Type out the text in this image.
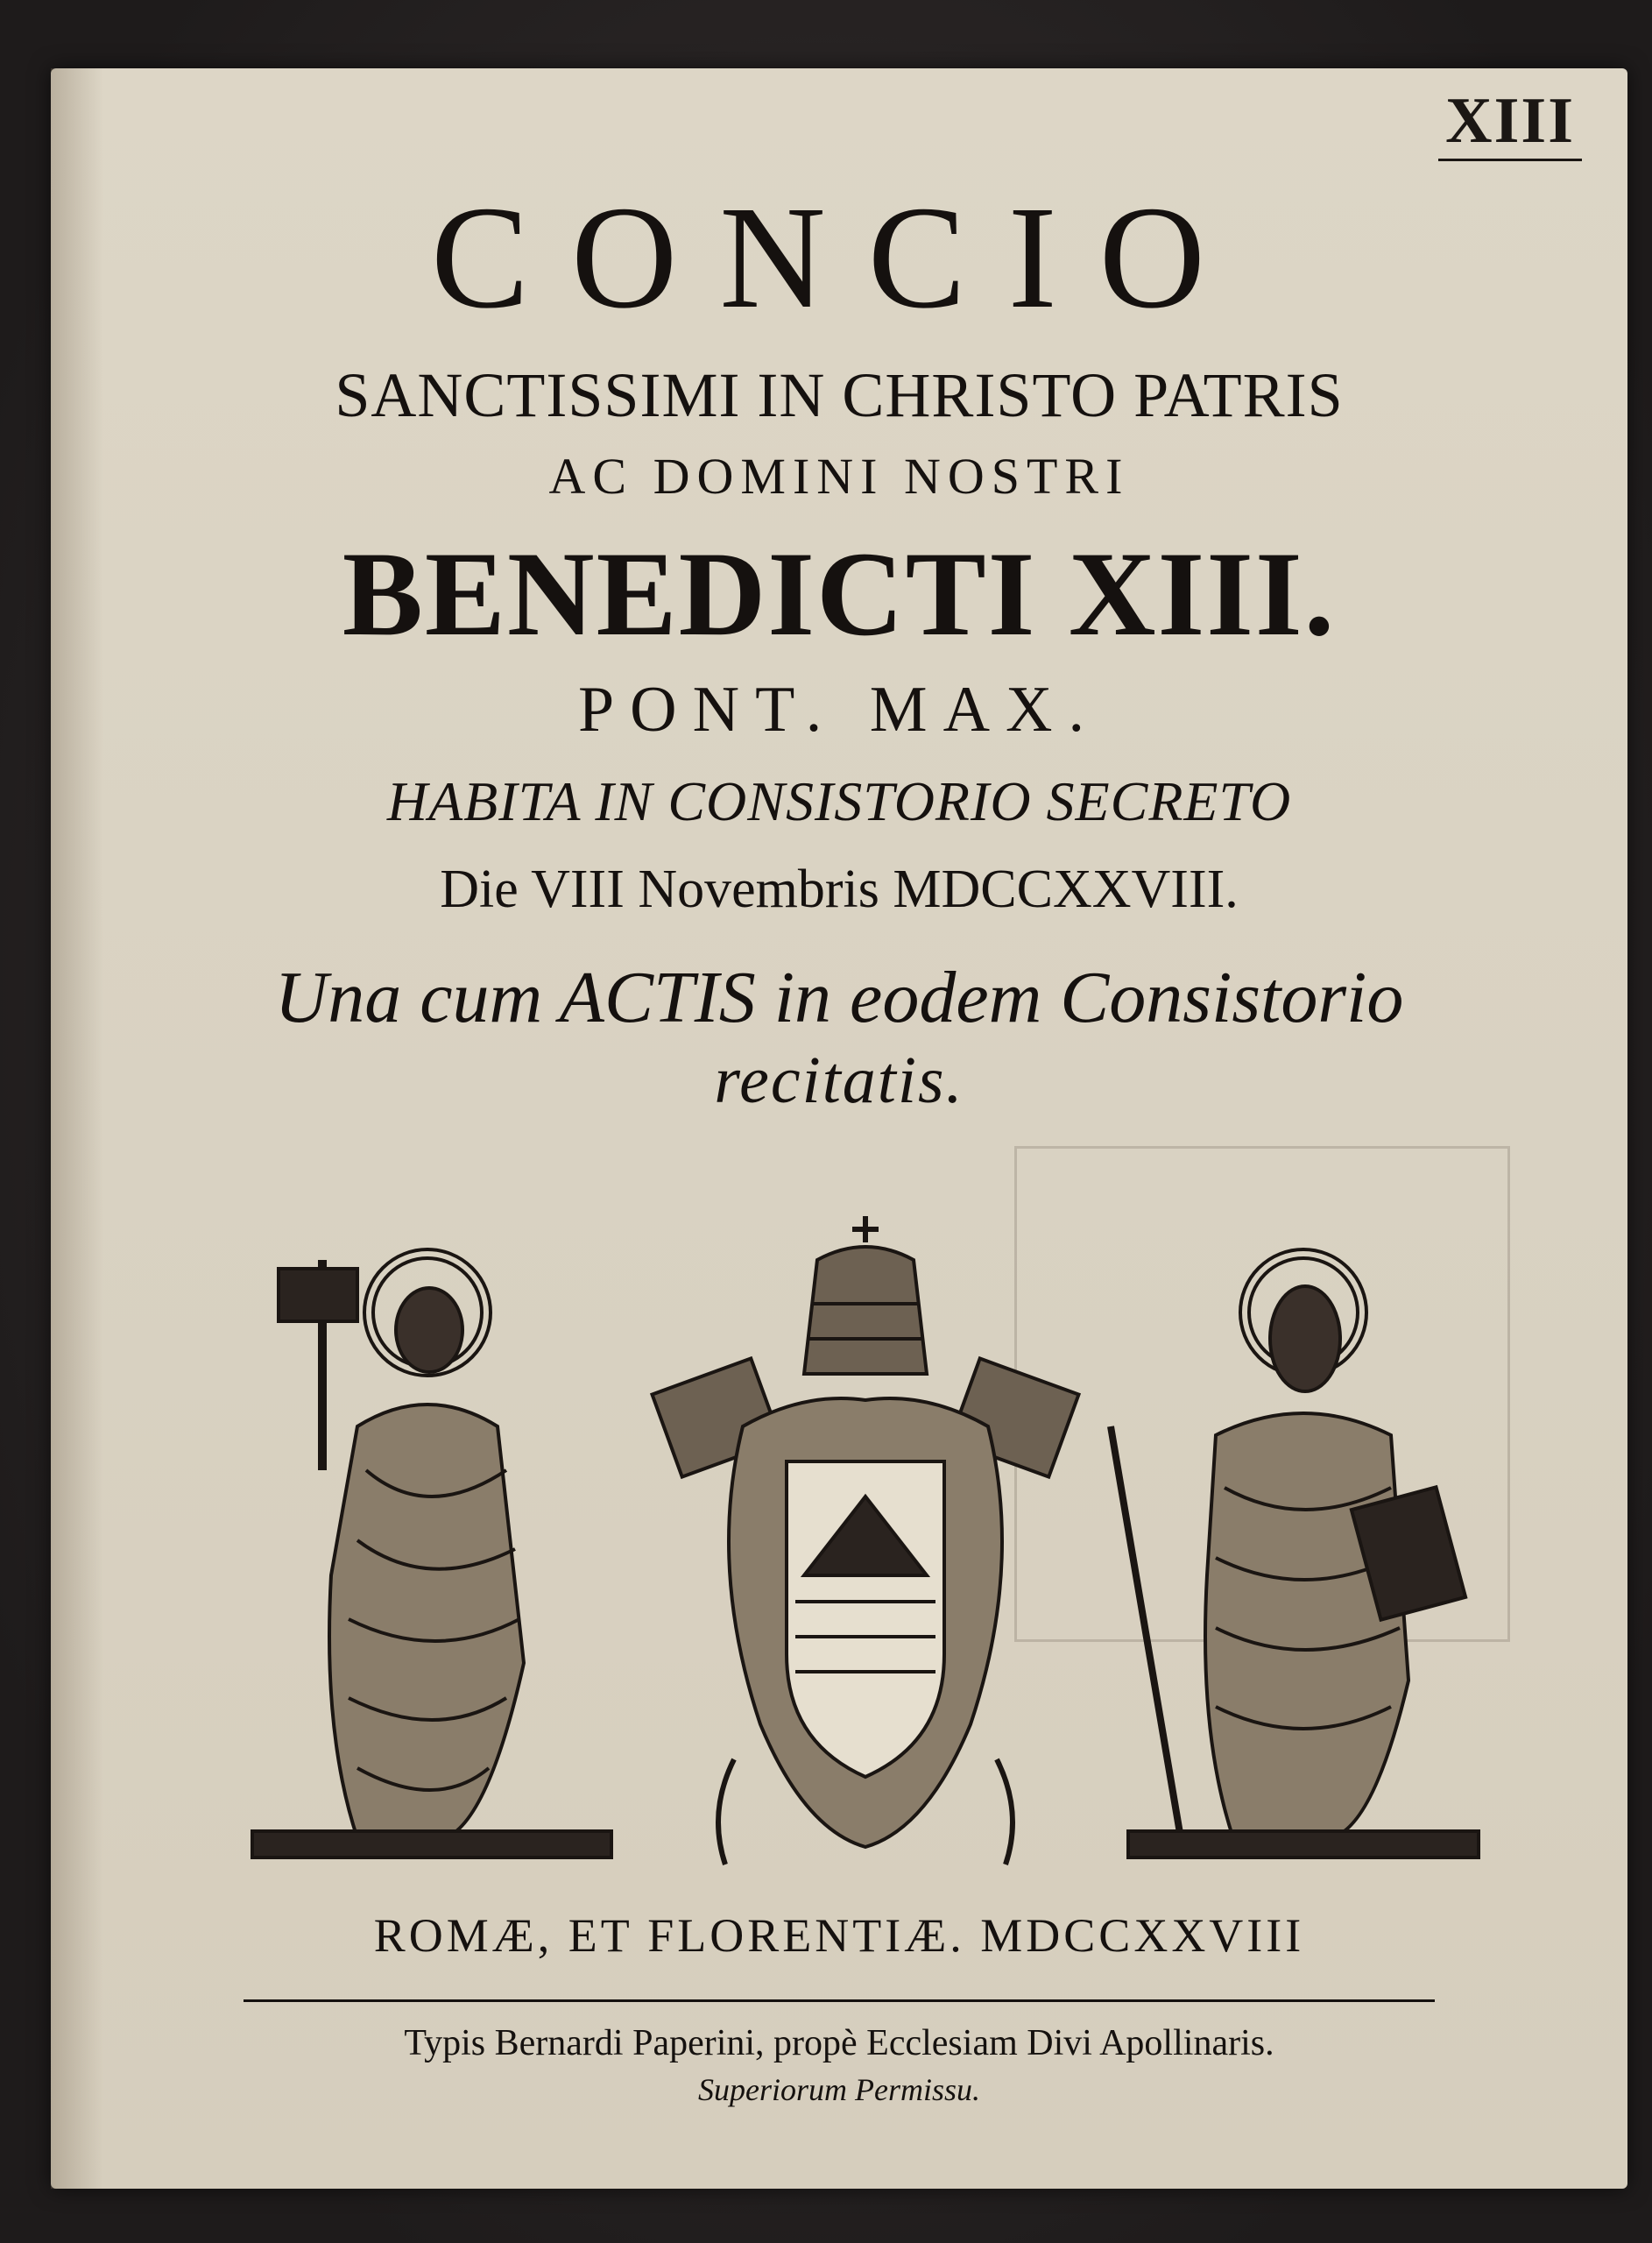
XIII
CONCIO
SANCTISSIMI IN CHRISTO PATRIS
AC DOMINI NOSTRI
BENEDICTI XIII.
PONT. MAX.
HABITA IN CONSISTORIO SECRETO
Die VIII Novembris MDCCXXVIII.
Una cum ACTIS in eodem Consistorio
recitatis.
ROMÆ, ET FLORENTIÆ. MDCCXXVIII
Typis Bernardi Paperini, propè Ecclesiam Divi Apollinaris.
Superiorum Permissu.
